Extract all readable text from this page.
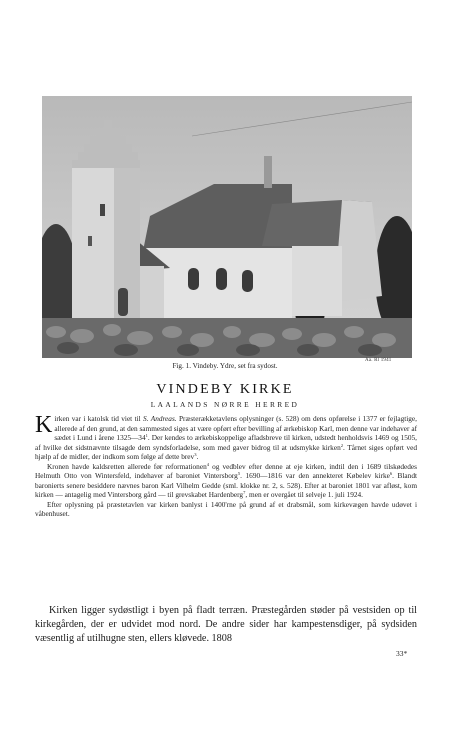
Aa. Rl 1941
Fig. 1. Vindeby. Ydre, set fra sydost.
VINDEBY KIRKE
LAALANDS NØRRE HERRED

Kirken var i katolsk tid viet til S. Andreas. Præsterækketavlens oplysninger (s. 528) om dens opførelse i 1377 er fejlagtige, allerede af den grund, at den sammested siges at være opført efter bevilling af ærkebiskop Karl, men denne var indehaver af sædet i Lund i årene $1325—34^1$. Der kendes to ærkebiskoppelige afladsbreve til kirken, udstedt henholdsvis 1469 og 1505, af hvilke det sidstnævnte tilsagde dem syndsforladelse, som med gaver bidrog til at udsmykke kirken$^2$. Tårnet siges opført ved hjælp af de midler, der indkom som følge af dette brev$^3$.

Kronen havde kaldsretten allerede før reformationen$^4$ og vedblev efter denne at eje kirken, indtil den i 1689 tilskødedes Helmuth Otto von Wintersfeld, indehaver af baroniet Vintersborg$^5$. 1690—1816 var den annekteret Købelev kirke$^6$. Blandt baronierts senere besiddere nævnes baron Karl Vilhelm Gedde (sml. klokke nr. 2, s. 528). Efter at baroniet 1801 var afløst, kom kirken — antagelig med Vintersborg gård — til grevskabet Hardenberg$^7$, men er overgået til selveje 1. juli 1924.

Efter oplysning på præstetavlen var kirken banlyst i 1400'rne på grund af et drabsmål, som kirkevægen havde udøvet i våbenhuset.

Kirken ligger sydøstligt i byen på fladt terræn. Præstegården støder på vestsiden op til kirkegården, der er udvidet mod nord. De andre sider har kampestensdiger, på sydsiden væsentlig af utilhugne sten, ellers kløvede. 1808

33*
